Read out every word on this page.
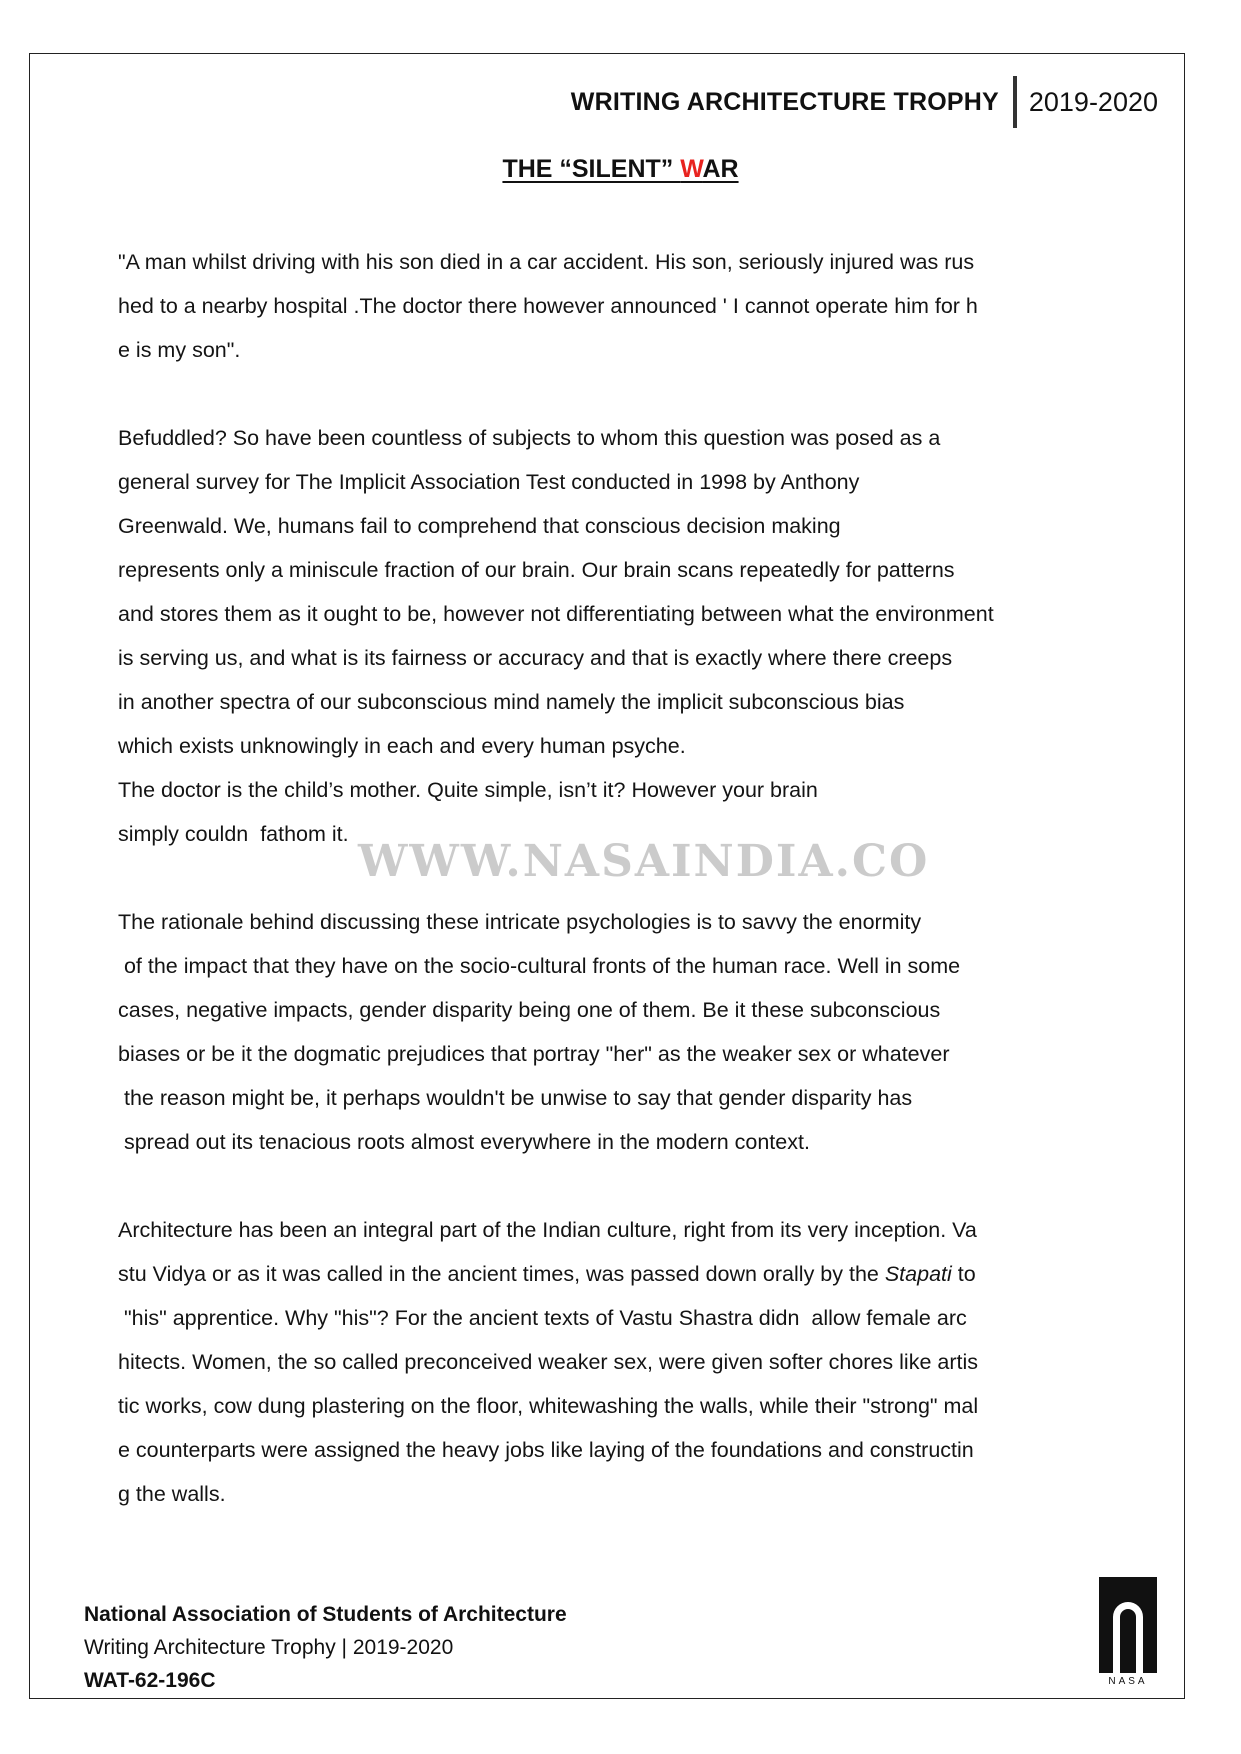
WRITING ARCHITECTURE TROPHY 2019-2020
THE “SILENT” WAR
"A man whilst driving with his son died in a car accident. His son, seriously injured was rus
hed to a nearby hospital .The doctor there however announced ' I cannot operate him for h
e is my son".
Befuddled? So have been countless of subjects to whom this question was posed as a
general survey for The Implicit Association Test conducted in 1998 by Anthony
Greenwald. We, humans fail to comprehend that conscious decision making
represents only a miniscule fraction of our brain. Our brain scans repeatedly for patterns
and stores them as it ought to be, however not differentiating between what the environment
is serving us, and what is its fairness or accuracy and that is exactly where there creeps
in another spectra of our subconscious mind namely the implicit subconscious bias
which exists unknowingly in each and every human psyche.
The doctor is the child’s mother. Quite simple, isn’t it? However your brain
simply couldn  fathom it.
WWW.NASAINDIA.CO
The rationale behind discussing these intricate psychologies is to savvy the enormity
of the impact that they have on the socio-cultural fronts of the human race. Well in some
cases, negative impacts, gender disparity being one of them. Be it these subconscious
biases or be it the dogmatic prejudices that portray "her" as the weaker sex or whatever
the reason might be, it perhaps wouldn't be unwise to say that gender disparity has
spread out its tenacious roots almost everywhere in the modern context.
Architecture has been an integral part of the Indian culture, right from its very inception. Va
stu Vidya or as it was called in the ancient times, was passed down orally by the Stapati to
"his" apprentice. Why "his"? For the ancient texts of Vastu Shastra didn  allow female arc
hitects. Women, the so called preconceived weaker sex, were given softer chores like artis
tic works, cow dung plastering on the floor, whitewashing the walls, while their "strong" mal
e counterparts were assigned the heavy jobs like laying of the foundations and constructin
g the walls.
National Association of Students of Architecture
Writing Architecture Trophy | 2019-2020
WAT-62-196C	NASA
